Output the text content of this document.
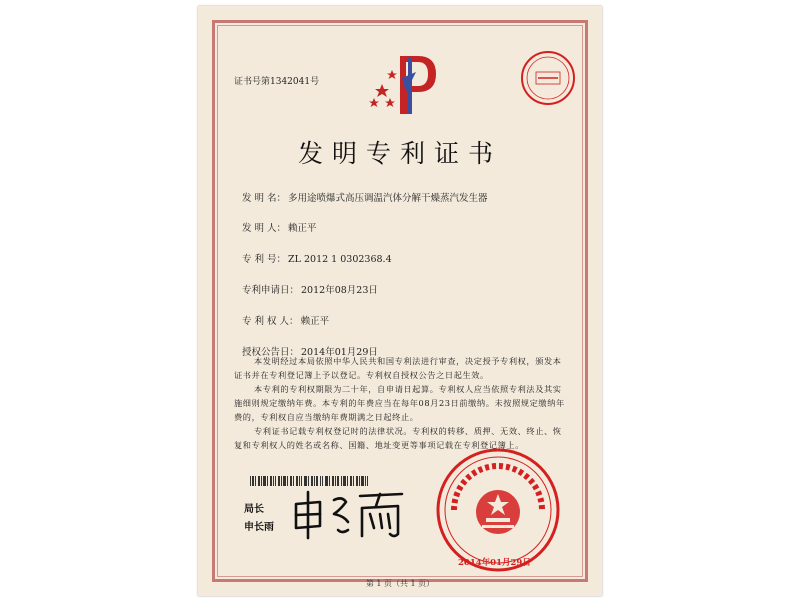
证书号第1342041号
发明专利证书
发 明 名： 多用途喷爆式高压调温汽体分解干燥蒸汽发生器
发 明 人： 赖正平
专 利 号： ZL 2012 1 0302368.4
专利申请日： 2012年08月23日
专 利 权 人： 赖正平
授权公告日： 2014年01月29日

本发明经过本局依照中华人民共和国专利法进行审查，决定授予专利权，颁发本证书并在专利登记簿上予以登记。专利权自授权公告之日起生效。

本专利的专利权期限为二十年，自申请日起算。专利权人应当依照专利法及其实施细则规定缴纳年费。本专利的年费应当在每年08月23日前缴纳。未按照规定缴纳年费的，专利权自应当缴纳年费期满之日起终止。

专利证书记载专利权登记时的法律状况。专利权的转移、质押、无效、终止、恢复和专利权人的姓名或名称、国籍、地址变更等事项记载在专利登记簿上。

局长
申长雨
2014年01月29日
第 1 页（共 1 页）
